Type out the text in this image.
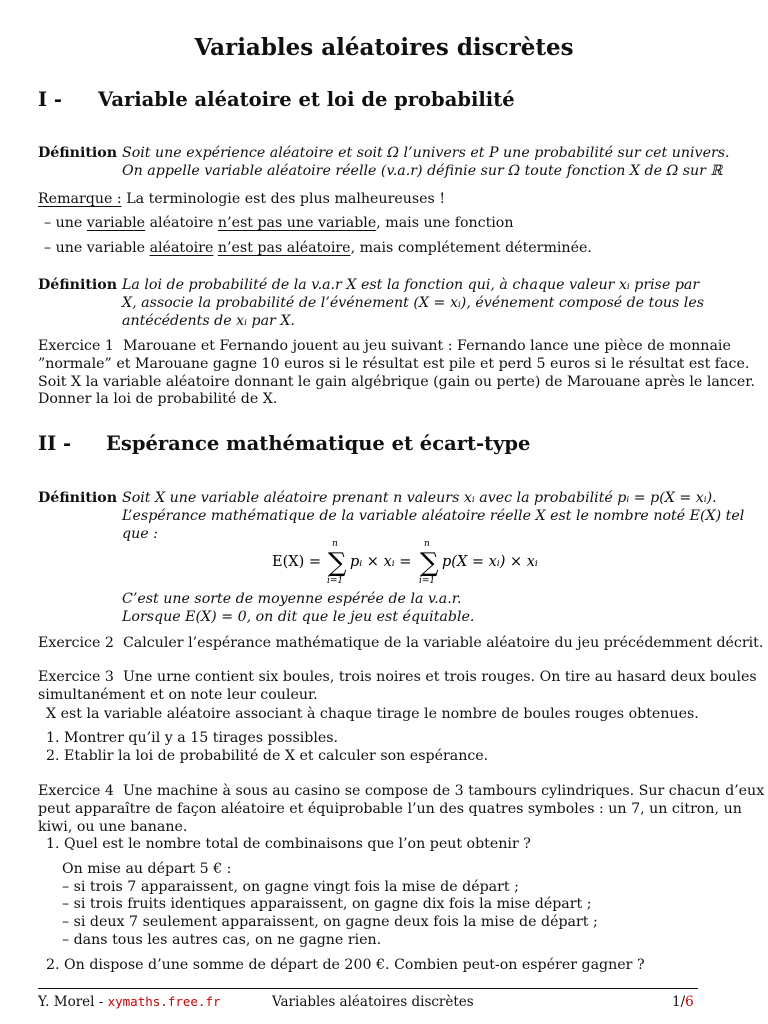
Variables aléatoires discrètes
I - Variable aléatoire et loi de probabilité
Définition Soit une expérience aléatoire et soit Ω l’univers et P une probabilité sur cet univers.
On appelle variable aléatoire réelle (v.a.r) définie sur Ω toute fonction X de Ω sur ℝ
Remarque : La terminologie est des plus malheureuses !
– une variable aléatoire n’est pas une variable, mais une fonction
– une variable aléatoire n’est pas aléatoire, mais complétement déterminée.
Définition La loi de probabilité de la v.a.r X est la fonction qui, à chaque valeur xᵢ prise par
X, associe la probabilité de l’événement (X = xᵢ), événement composé de tous les
antécédents de xᵢ par X.
Exercice 1 Marouane et Fernando jouent au jeu suivant : Fernando lance une pièce de monnaie
”normale” et Marouane gagne 10 euros si le résultat est pile et perd 5 euros si le résultat est face.
Soit X la variable aléatoire donnant le gain algébrique (gain ou perte) de Marouane après le lancer.
Donner la loi de probabilité de X.
II - Espérance mathématique et écart-type
Définition Soit X une variable aléatoire prenant n valeurs xᵢ avec la probabilité pᵢ = p(X = xᵢ).
L’espérance mathématique de la variable aléatoire réelle X est le nombre noté E(X) tel
que :
E(X) =
n
∑
i=1
pᵢ × xᵢ =
n
∑
i=1
p(X = xᵢ) × xᵢ
C’est une sorte de moyenne espérée de la v.a.r.
Lorsque E(X) = 0, on dit que le jeu est équitable.
Exercice 2 Calculer l’espérance mathématique de la variable aléatoire du jeu précédemment décrit.
Exercice 3 Une urne contient six boules, trois noires et trois rouges. On tire au hasard deux boules
simultanément et on note leur couleur.
X est la variable aléatoire associant à chaque tirage le nombre de boules rouges obtenues.
1. Montrer qu’il y a 15 tirages possibles.
2. Etablir la loi de probabilité de X et calculer son espérance.
Exercice 4 Une machine à sous au casino se compose de 3 tambours cylindriques. Sur chacun d’eux
peut apparaître de façon aléatoire et équiprobable l’un des quatres symboles : un 7, un citron, un
kiwi, ou une banane.
1. Quel est le nombre total de combinaisons que l’on peut obtenir ?
On mise au départ 5 € :
– si trois 7 apparaissent, on gagne vingt fois la mise de départ ;
– si trois fruits identiques apparaissent, on gagne dix fois la mise départ ;
– si deux 7 seulement apparaissent, on gagne deux fois la mise de départ ;
– dans tous les autres cas, on ne gagne rien.
2. On dispose d’une somme de départ de 200 €. Combien peut-on espérer gagner ?
Y. Morel - xymaths.free.fr	Variables aléatoires discrètes	1/6
